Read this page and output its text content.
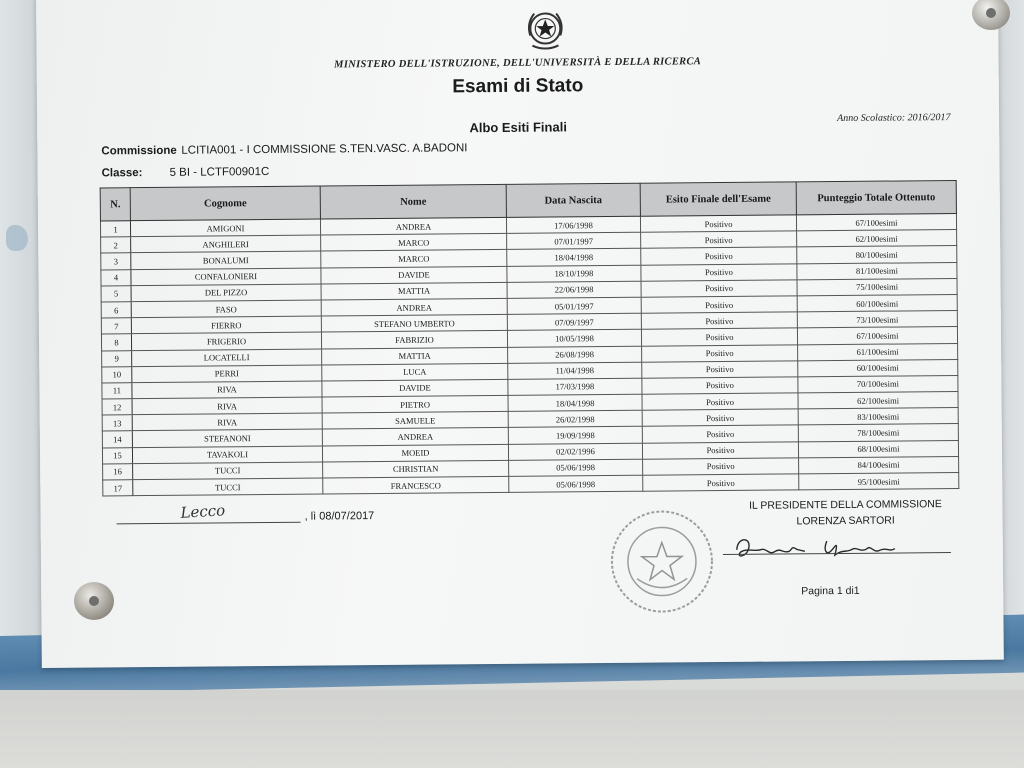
MINISTERO DELL'ISTRUZIONE, DELL'UNIVERSITÀ E DELLA RICERCA
Esami di Stato
Anno Scolastico: 2016/2017
Albo Esiti Finali
Commissione LCITIA001 - I COMMISSIONE S.TEN.VASC. A.BADONI
Classe: 5 BI - LCTF00901C
N.	Cognome	Nome	Data Nascita	Esito Finale dell'Esame	Punteggio Totale Ottenuto
1	AMIGONI	ANDREA	17/06/1998	Positivo	67/100esimi
2	ANGHILERI	MARCO	07/01/1997	Positivo	62/100esimi
3	BONALUMI	MARCO	18/04/1998	Positivo	80/100esimi
4	CONFALONIERI	DAVIDE	18/10/1998	Positivo	81/100esimi
5	DEL PIZZO	MATTIA	22/06/1998	Positivo	75/100esimi
6	FASO	ANDREA	05/01/1997	Positivo	60/100esimi
7	FIERRO	STEFANO UMBERTO	07/09/1997	Positivo	73/100esimi
8	FRIGERIO	FABRIZIO	10/05/1998	Positivo	67/100esimi
9	LOCATELLI	MATTIA	26/08/1998	Positivo	61/100esimi
10	PERRI	LUCA	11/04/1998	Positivo	60/100esimi
11	RIVA	DAVIDE	17/03/1998	Positivo	70/100esimi
12	RIVA	PIETRO	18/04/1998	Positivo	62/100esimi
13	RIVA	SAMUELE	26/02/1998	Positivo	83/100esimi
14	STEFANONI	ANDREA	19/09/1998	Positivo	78/100esimi
15	TAVAKOLI	MOEID	02/02/1996	Positivo	68/100esimi
16	TUCCI	CHRISTIAN	05/06/1998	Positivo	84/100esimi
17	TUCCI	FRANCESCO	05/06/1998	Positivo	95/100esimi
Lecco	, lì 08/07/2017
IL PRESIDENTE DELLA COMMISSIONE
LORENZA SARTORI
Pagina 1 di1
